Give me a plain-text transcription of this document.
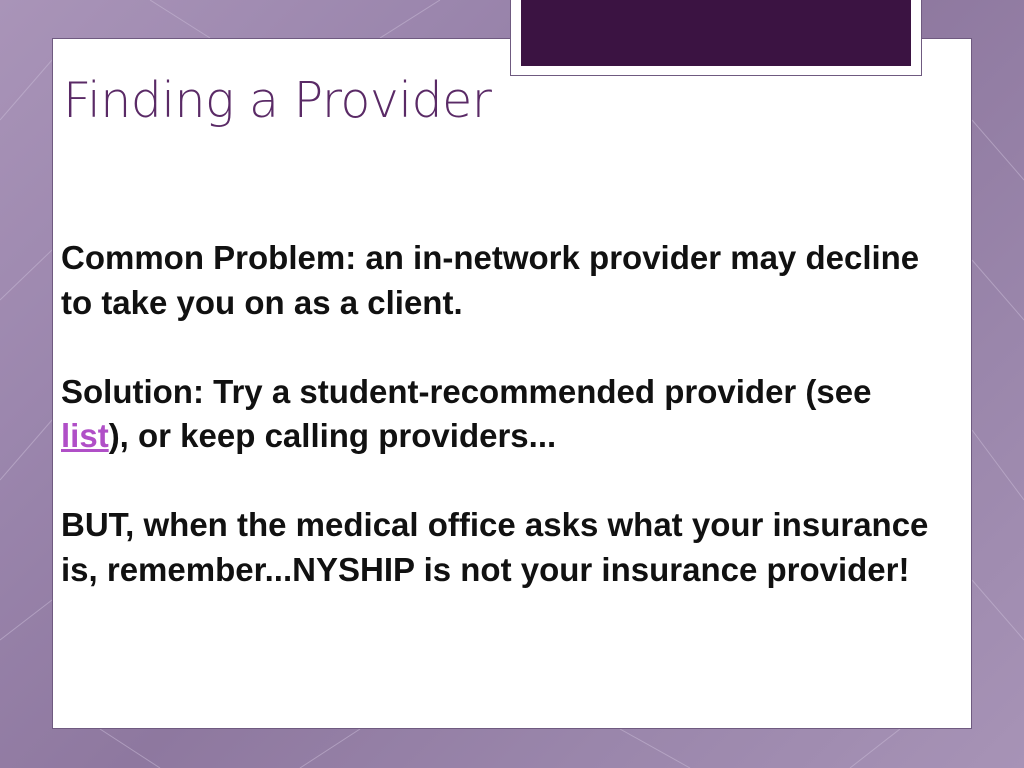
Finding a Provider

Common Problem: an in-network provider may decline to take you on as a client.

Solution: Try a student-recommended provider (see list), or keep calling providers...

BUT, when the medical office asks what your insurance is, remember...NYSHIP is not your insurance provider!
